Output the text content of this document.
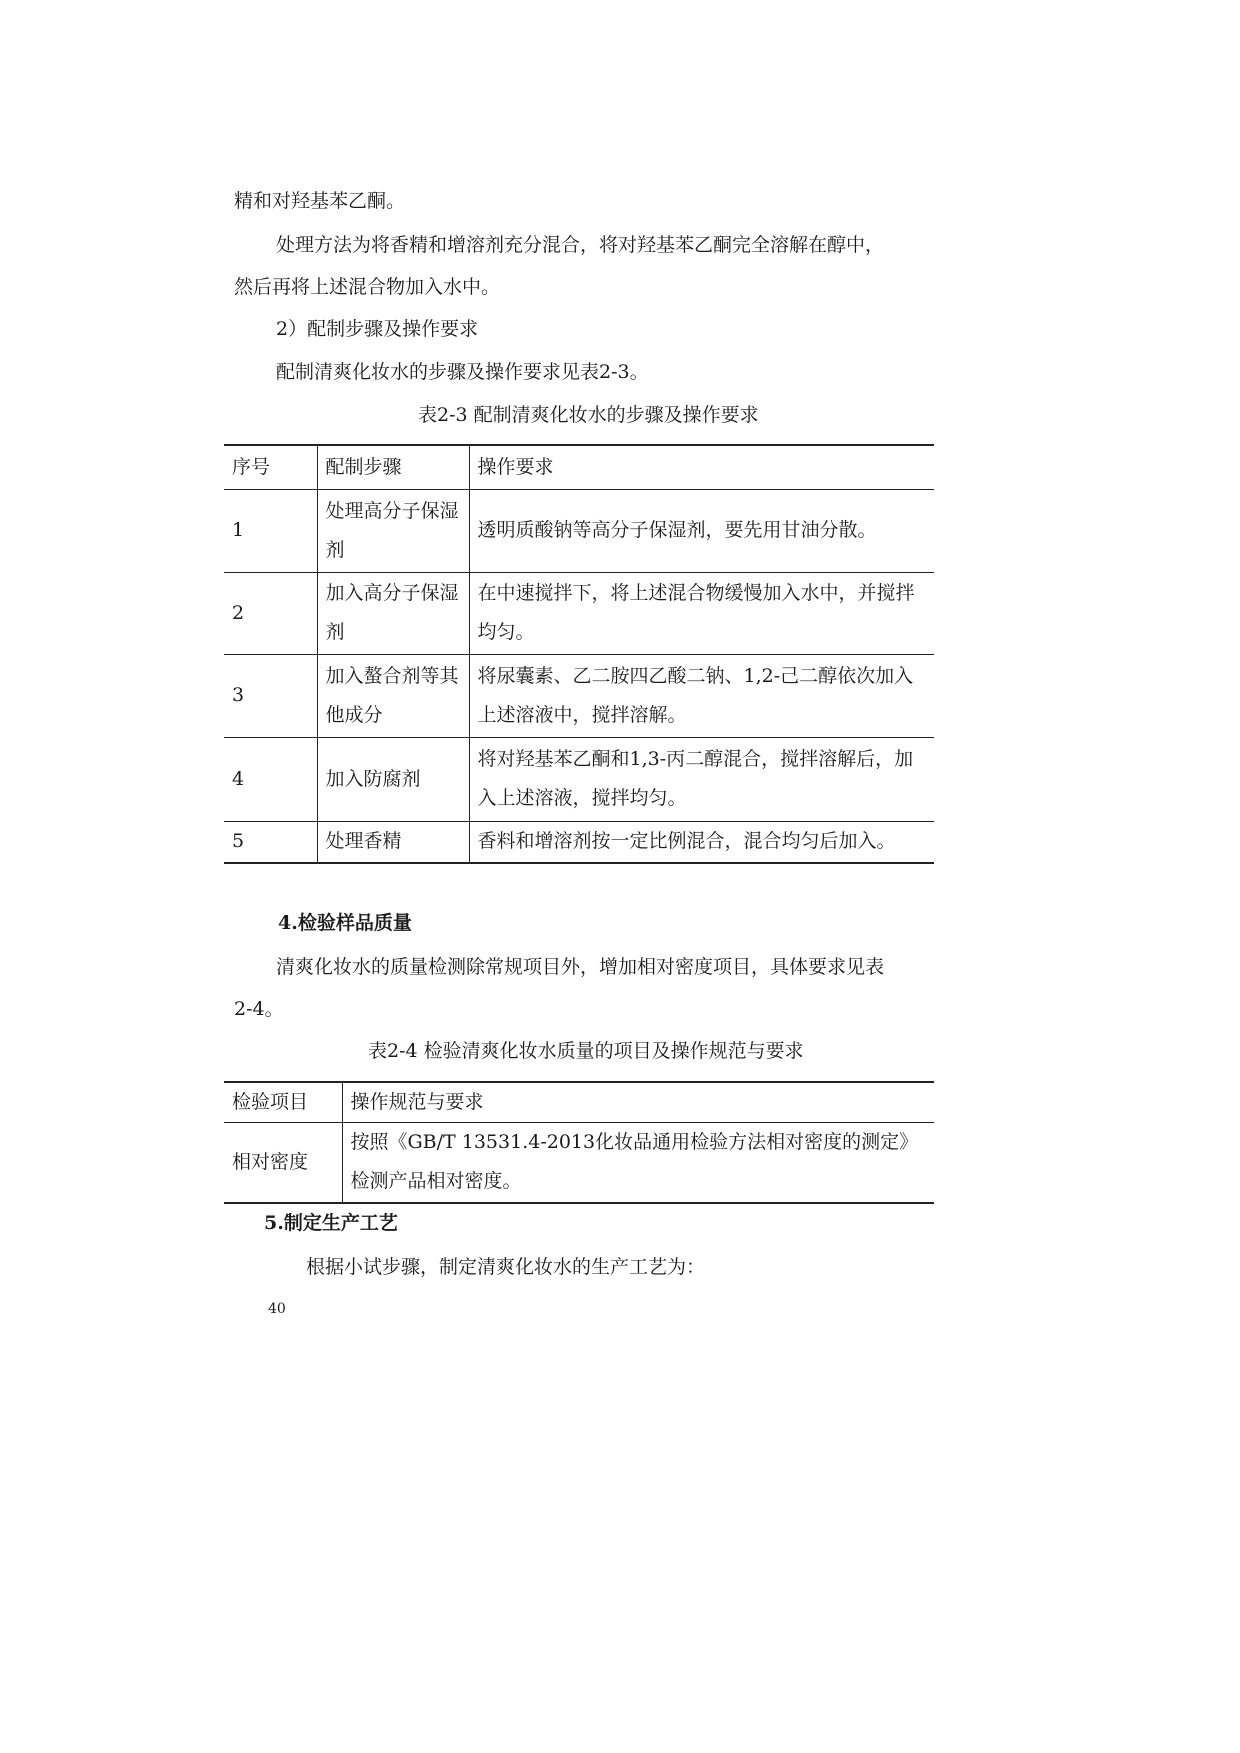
精和对羟基苯乙酮。
处理方法为将香精和增溶剂充分混合，将对羟基苯乙酮完全溶解在醇中，
然后再将上述混合物加入水中。
2）配制步骤及操作要求
配制清爽化妆水的步骤及操作要求见表2-3。
表2-3 配制清爽化妆水的步骤及操作要求
序号	配制步骤	操作要求
1	处理高分子保湿剂	透明质酸钠等高分子保湿剂，要先用甘油分散。
2	加入高分子保湿剂	在中速搅拌下，将上述混合物缓慢加入水中，并搅拌均匀。
3	加入螯合剂等其他成分	将尿囊素、乙二胺四乙酸二钠、1,2-己二醇依次加入上述溶液中，搅拌溶解。
4	加入防腐剂	将对羟基苯乙酮和1,3-丙二醇混合，搅拌溶解后，加入上述溶液，搅拌均匀。
5	处理香精	香料和增溶剂按一定比例混合，混合均匀后加入。
4.检验样品质量
清爽化妆水的质量检测除常规项目外，增加相对密度项目，具体要求见表
2-4。
表2-4 检验清爽化妆水质量的项目及操作规范与要求
检验项目	操作规范与要求
相对密度	按照《GB/T 13531.4-2013化妆品通用检验方法相对密度的测定》检测产品相对密度。
5.制定生产工艺
根据小试步骤，制定清爽化妆水的生产工艺为：
40
